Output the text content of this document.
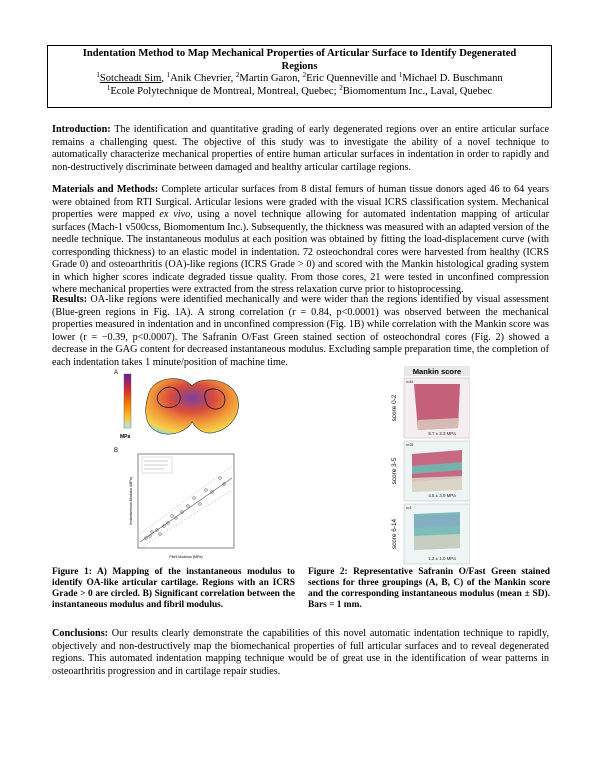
Indentation Method to Map Mechanical Properties of Articular Surface to Identify Degenerated
Regions
$^1$Sotcheadt Sim, $^1$Anik Chevrier, $^2$Martin Garon, $^2$Eric Quenneville and $^1$Michael D. Buschmann
$^1$Ecole Polytechnique de Montreal, Montreal, Quebec; $^2$Biomomentum Inc., Laval, Quebec

Introduction: The identification and quantitative grading of early degenerated regions over an entire articular surface remains a challenging quest. The objective of this study was to investigate the ability of a novel technique to automatically characterize mechanical properties of entire human articular surfaces in indentation in order to rapidly and non-destructively discriminate between damaged and healthy articular cartilage regions.

Materials and Methods: Complete articular surfaces from 8 distal femurs of human tissue donors aged 46 to 64 years were obtained from RTI Surgical. Articular lesions were graded with the visual ICRS classification system. Mechanical properties were mapped ex vivo, using a novel technique allowing for automated indentation mapping of articular surfaces (Mach-1 v500css, Biomomentum Inc.). Subsequently, the thickness was measured with an adapted version of the needle technique. The instantaneous modulus at each position was obtained by fitting the load-displacement curve (with corresponding thickness) to an elastic model in indentation. 72 osteochondral cores were harvested from healthy (ICRS Grade 0) and osteoarthritis (OA)-like regions (ICRS Grade > 0) and scored with the Mankin histological grading system in which higher scores indicate degraded tissue quality. From those cores, 21 were tested in unconfined compression where mechanical properties were extracted from the stress relaxation curve prior to histoprocessing.

Results: OA-like regions were identified mechanically and were wider than the regions identified by visual assessment (Blue-green regions in Fig. 1A). A strong correlation (r = 0.84, p<0.0001) was observed between the mechanical properties measured in indentation and in unconfined compression (Fig. 1B) while correlation with the Mankin score was lower (r = −0.39, p<0.0007). The Safranin O/Fast Green stained section of osteochondral cores (Fig. 2) showed a decrease in the GAG content for decreased instantaneous modulus. Excluding sample preparation time, the completion of each indentation takes 1 minute/position of machine time.

A
MPa
B
Fibril Modulus (MPa)
Instantaneous Modulus (MPa)
Mankin score
n=44
5.7 ± 3.3 MPa
score 0-2
n=25
4.5 ± 3.9 MPa
score 3-5
n=3
1.2 ± 1.0 MPa
score 6-14

Figure 1: A) Mapping of the instantaneous modulus to identify OA-like articular cartilage. Regions with an ICRS Grade > 0 are circled. B) Significant correlation between the instantaneous modulus and fibril modulus.

Figure 2: Representative Safranin O/Fast Green stained sections for three groupings (A, B, C) of the Mankin score and the corresponding instantaneous modulus (mean ± SD). Bars = 1 mm.

Conclusions: Our results clearly demonstrate the capabilities of this novel automatic indentation technique to rapidly, objectively and non-destructively map the biomechanical properties of full articular surfaces and to reveal degenerated regions. This automated indentation mapping technique would be of great use in the identification of wear patterns in osteoarthritis progression and in cartilage repair studies.
